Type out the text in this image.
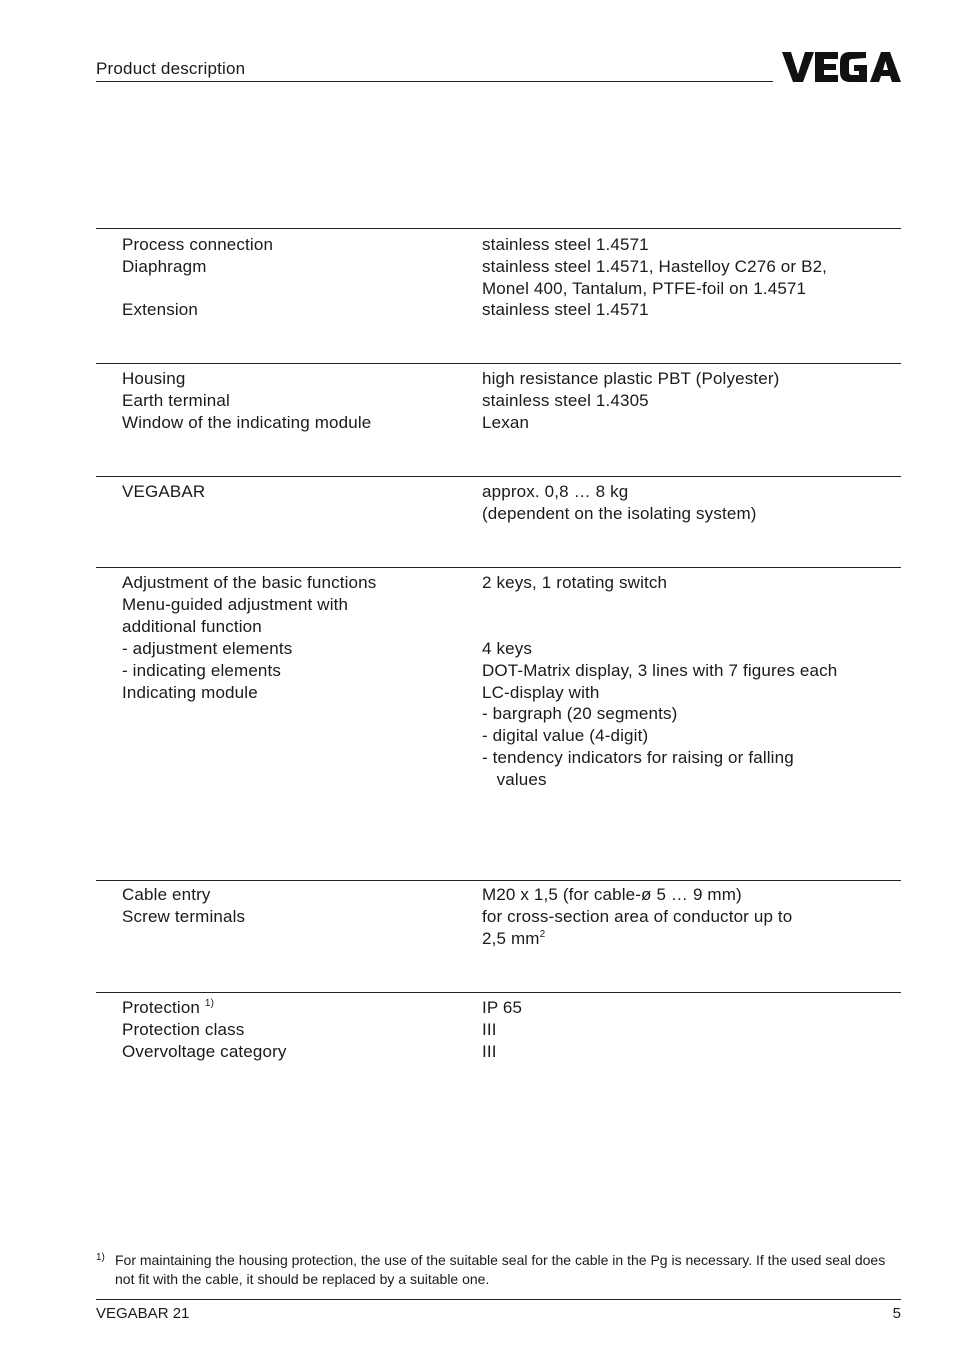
Product description
Process connection
Diaphragm
Extension
stainless steel 1.4571
stainless steel 1.4571, Hastelloy C276 or B2,
Monel 400, Tantalum, PTFE-foil on 1.4571
stainless steel 1.4571
Housing
Earth terminal
Window of the indicating module
high resistance plastic PBT (Polyester)
stainless steel 1.4305
Lexan
VEGABAR	approx. 0,8 … 8 kg
(dependent on the isolating system)
Adjustment of the basic functions
Menu-guided adjustment with
additional function
- adjustment elements
- indicating elements
Indicating module
2 keys, 1 rotating switch
4 keys
DOT-Matrix display, 3 lines with 7 figures each
LC-display with
- bargraph (20 segments)
- digital value (4-digit)
- tendency indicators for raising or falling
values
Cable entry
Screw terminals
M20 x 1,5 (for cable-ø 5 … 9 mm)
for cross-section area of conductor up to
2,5 $mm^2$
Protection $^{1)}$
Protection class
Overvoltage category
IP 65
III
III
1) For maintaining the housing protection, the use of the suitable seal for the cable in the Pg is necessary. If the used seal does not fit with the cable, it should be replaced by a suitable one.
VEGABAR 21	5
